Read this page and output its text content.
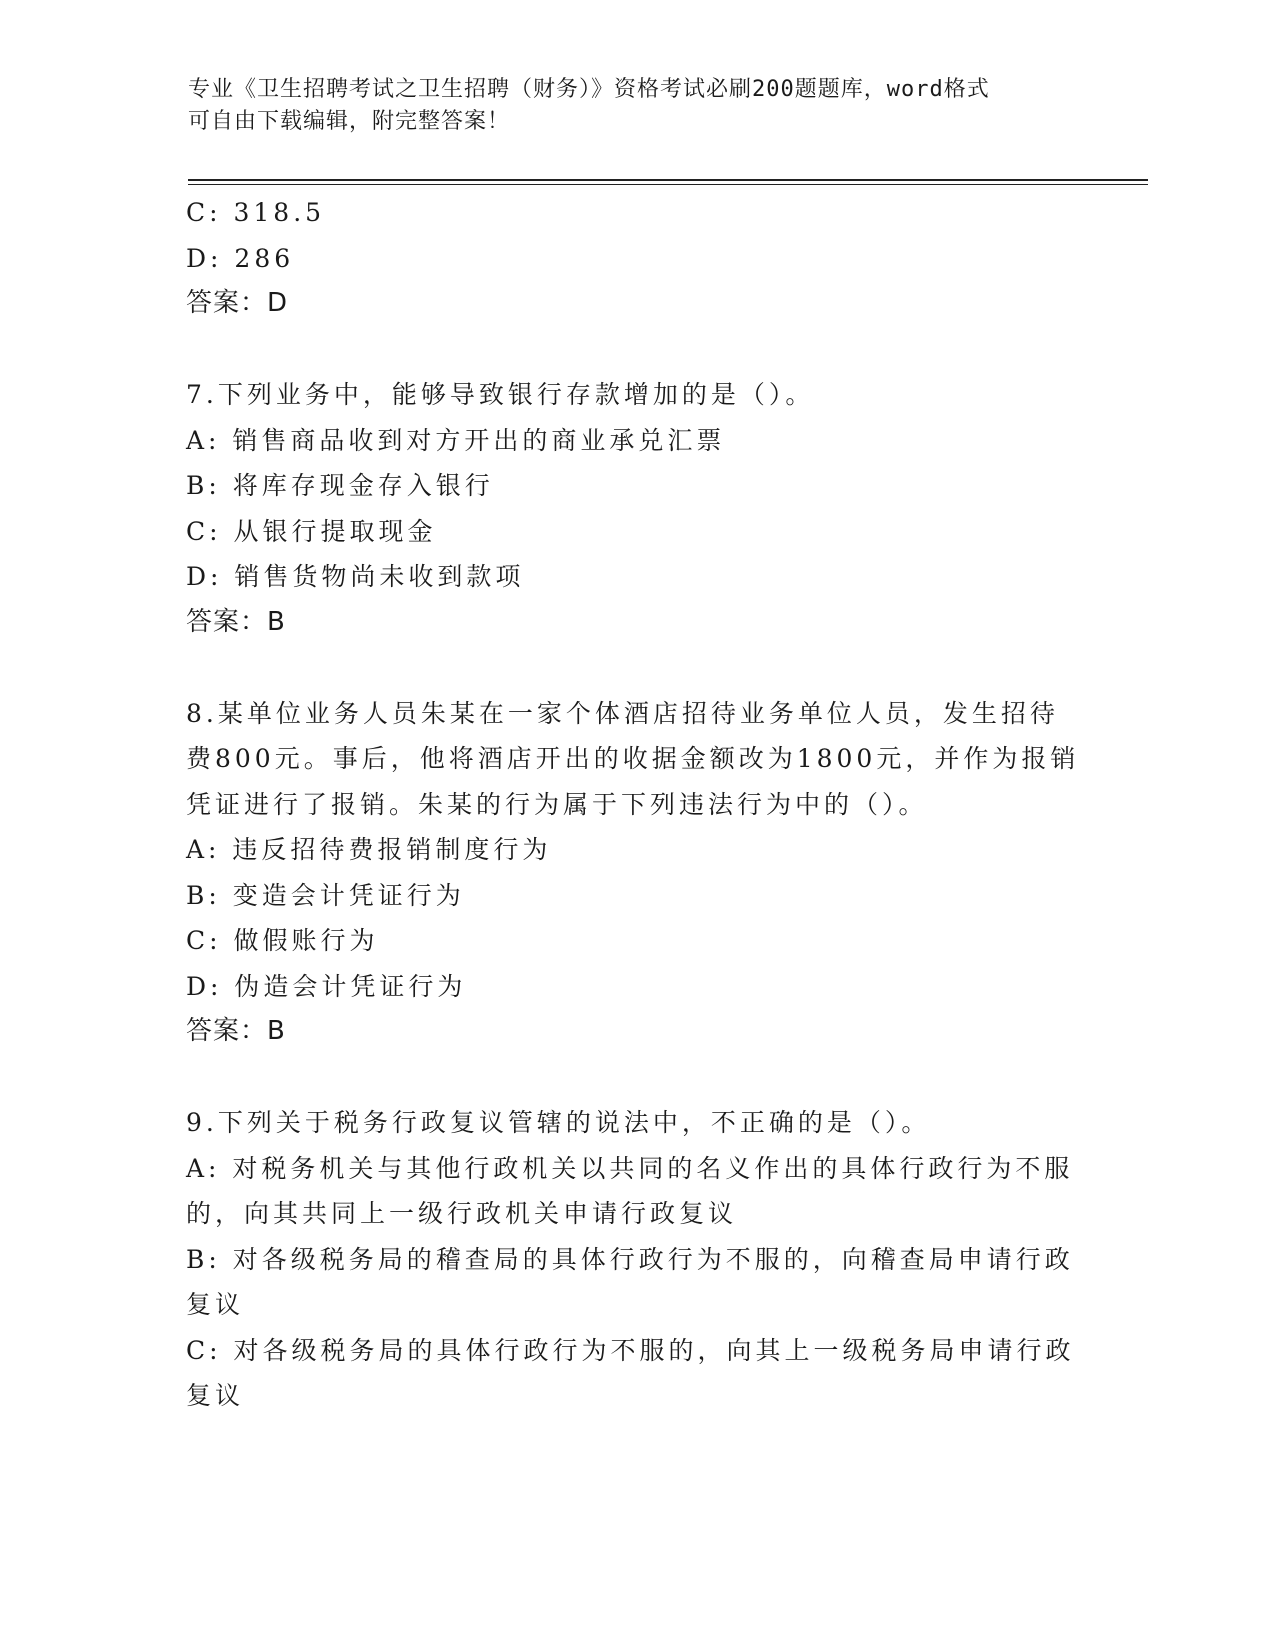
专业《卫生招聘考试之卫生招聘（财务）》资格考试必刷200题题库，word格式
可自由下载编辑，附完整答案！
C: 318.5
D: 286
答案：D
7.下列业务中，能够导致银行存款增加的是（）。
A: 销售商品收到对方开出的商业承兑汇票
B: 将库存现金存入银行
C: 从银行提取现金
D: 销售货物尚未收到款项
答案：B
8.某单位业务人员朱某在一家个体酒店招待业务单位人员，发生招待
费800元。事后，他将酒店开出的收据金额改为1800元，并作为报销
凭证进行了报销。朱某的行为属于下列违法行为中的（）。
A: 违反招待费报销制度行为
B: 变造会计凭证行为
C: 做假账行为
D: 伪造会计凭证行为
答案：B
9.下列关于税务行政复议管辖的说法中，不正确的是（）。
A: 对税务机关与其他行政机关以共同的名义作出的具体行政行为不服
的，向其共同上一级行政机关申请行政复议
B: 对各级税务局的稽查局的具体行政行为不服的，向稽查局申请行政
复议
C: 对各级税务局的具体行政行为不服的，向其上一级税务局申请行政
复议
